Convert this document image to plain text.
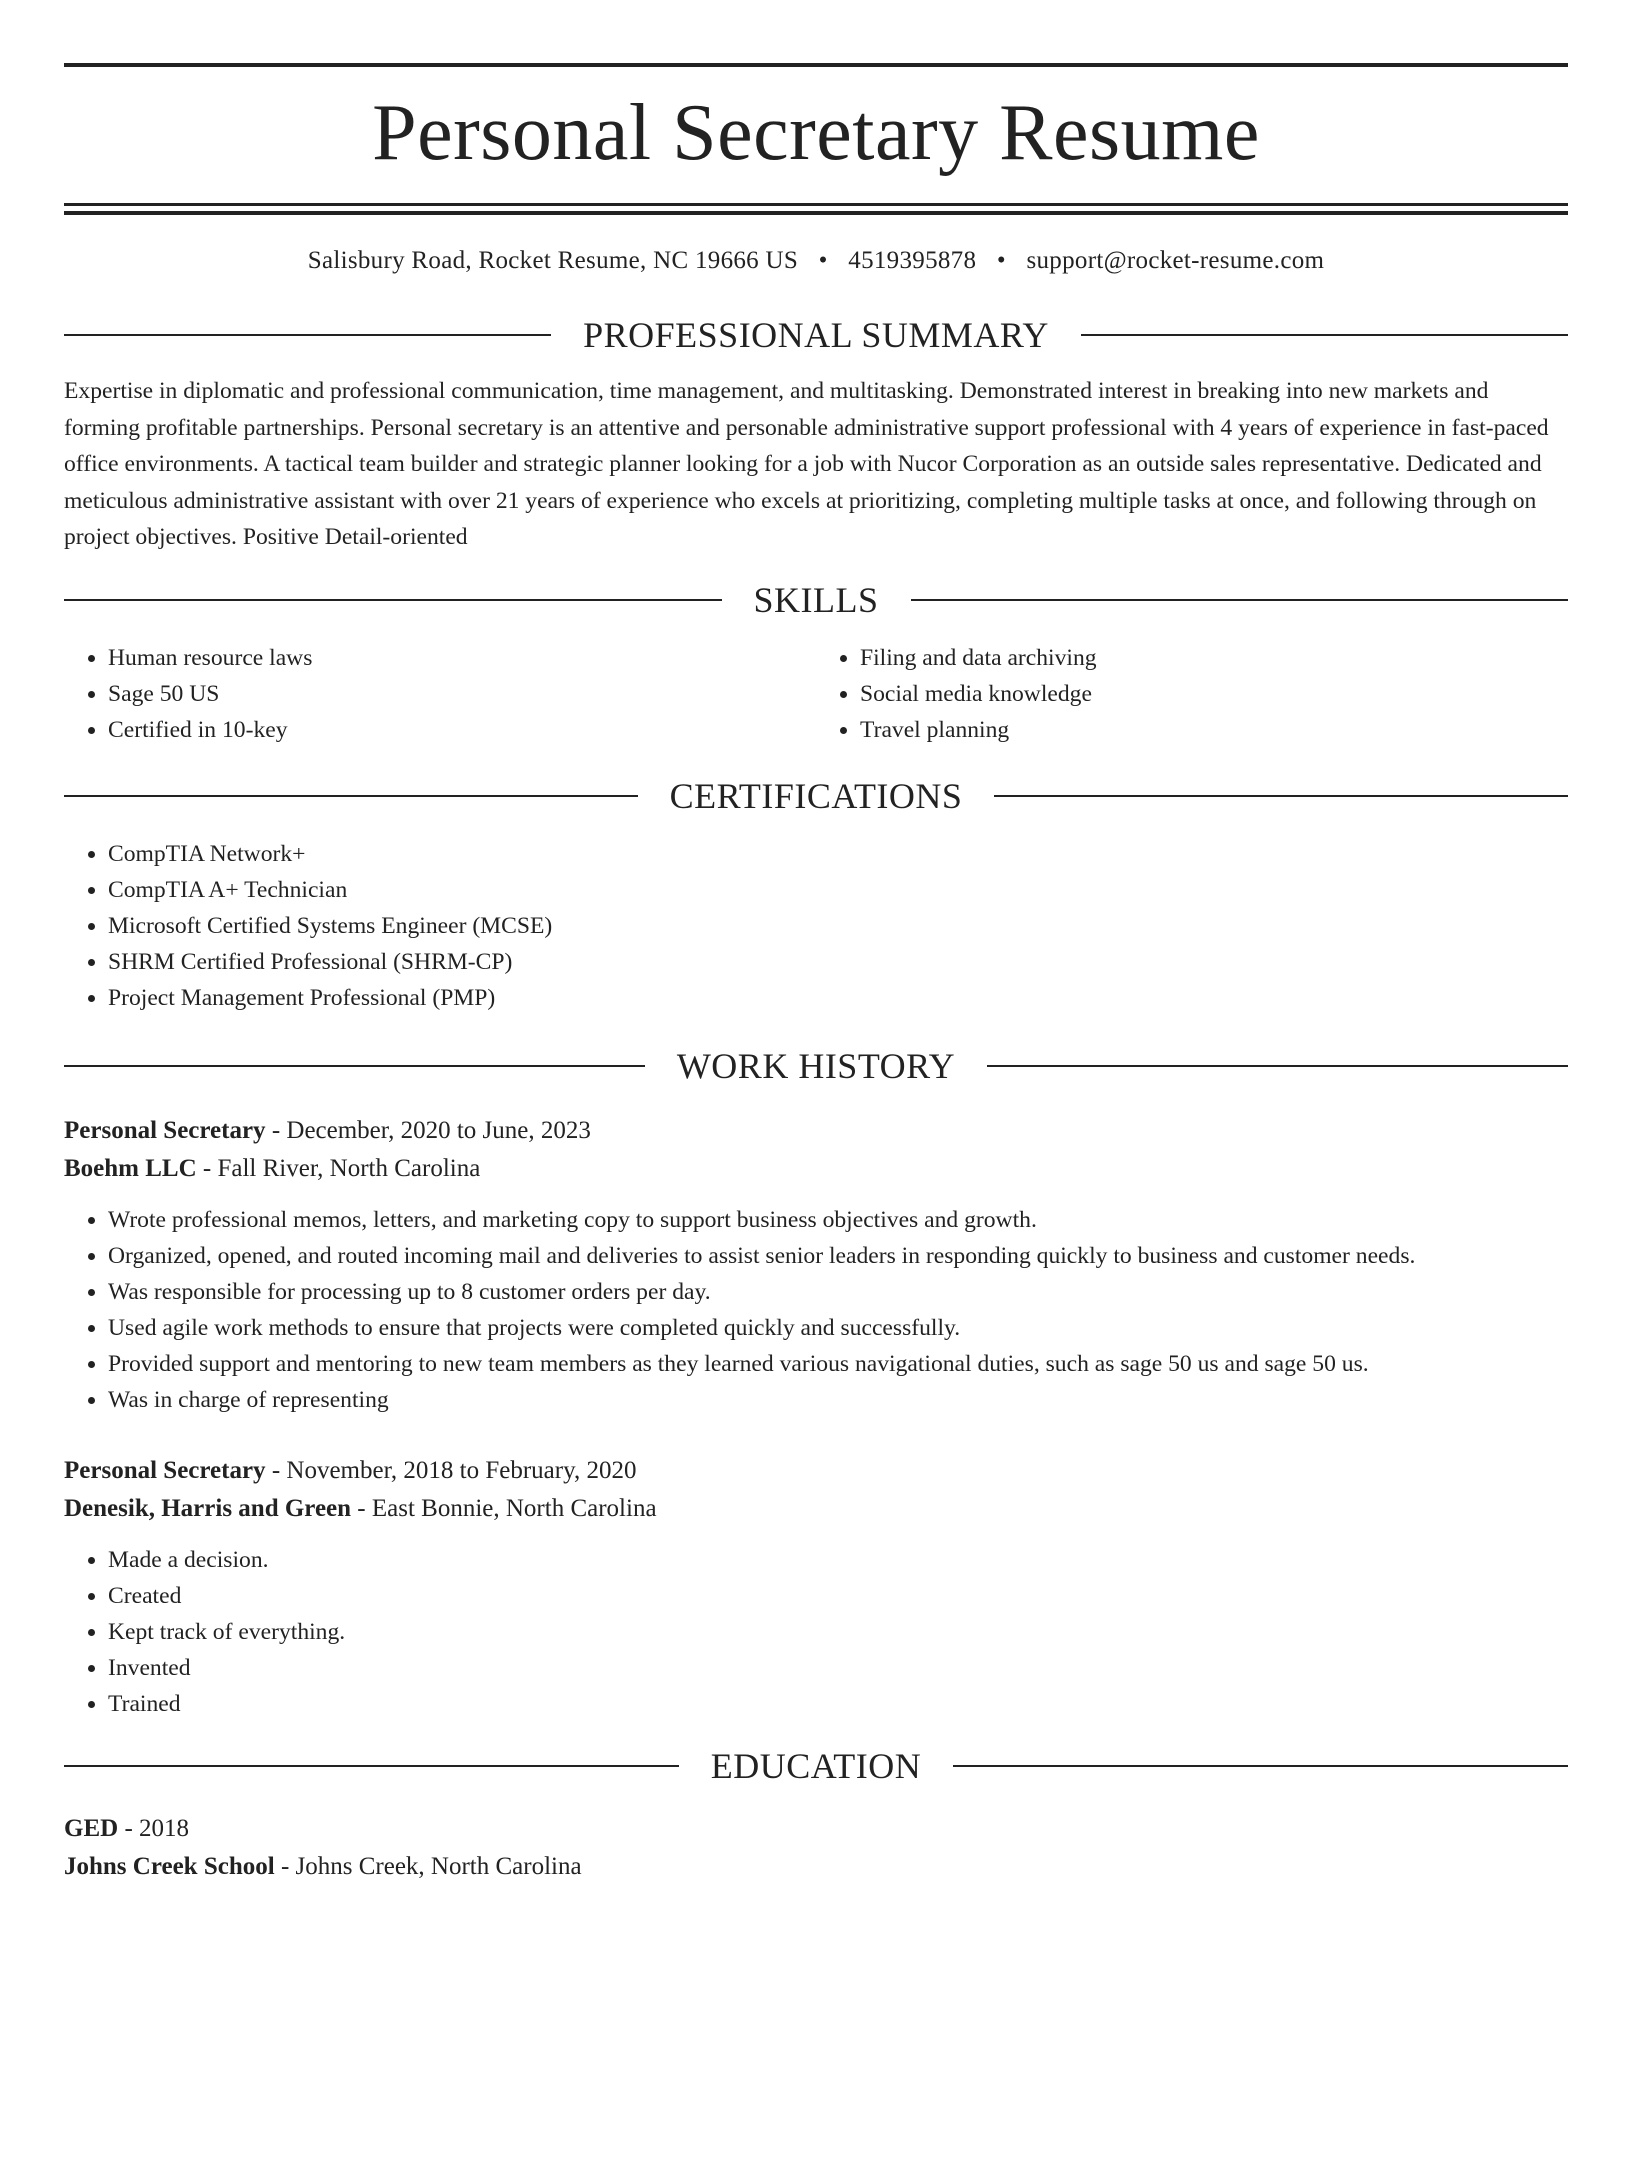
Personal Secretary Resume
Salisbury Road, Rocket Resume, NC 19666 US • 4519395878 • support@rocket-resume.com
PROFESSIONAL SUMMARY

Expertise in diplomatic and professional communication, time management, and multitasking. Demonstrated interest in breaking into new markets and forming profitable partnerships. Personal secretary is an attentive and personable administrative support professional with 4 years of experience in fast-paced office environments. A tactical team builder and strategic planner looking for a job with Nucor Corporation as an outside sales representative. Dedicated and meticulous administrative assistant with over 21 years of experience who excels at prioritizing, completing multiple tasks at once, and following through on project objectives. Positive Detail-oriented

SKILLS
• Human resource laws
• Sage 50 US
• Certified in 10-key
• Filing and data archiving
• Social media knowledge
• Travel planning
CERTIFICATIONS
• CompTIA Network+
• CompTIA A+ Technician
• Microsoft Certified Systems Engineer (MCSE)
• SHRM Certified Professional (SHRM-CP)
• Project Management Professional (PMP)
WORK HISTORY
Personal Secretary - December, 2020 to June, 2023
Boehm LLC - Fall River, North Carolina
• Wrote professional memos, letters, and marketing copy to support business objectives and growth.
• Organized, opened, and routed incoming mail and deliveries to assist senior leaders in responding quickly to business and customer needs.
• Was responsible for processing up to 8 customer orders per day.
• Used agile work methods to ensure that projects were completed quickly and successfully.
• Provided support and mentoring to new team members as they learned various navigational duties, such as sage 50 us and sage 50 us.
• Was in charge of representing
Personal Secretary - November, 2018 to February, 2020
Denesik, Harris and Green - East Bonnie, North Carolina
• Made a decision.
• Created
• Kept track of everything.
• Invented
• Trained
EDUCATION
GED - 2018
Johns Creek School - Johns Creek, North Carolina
